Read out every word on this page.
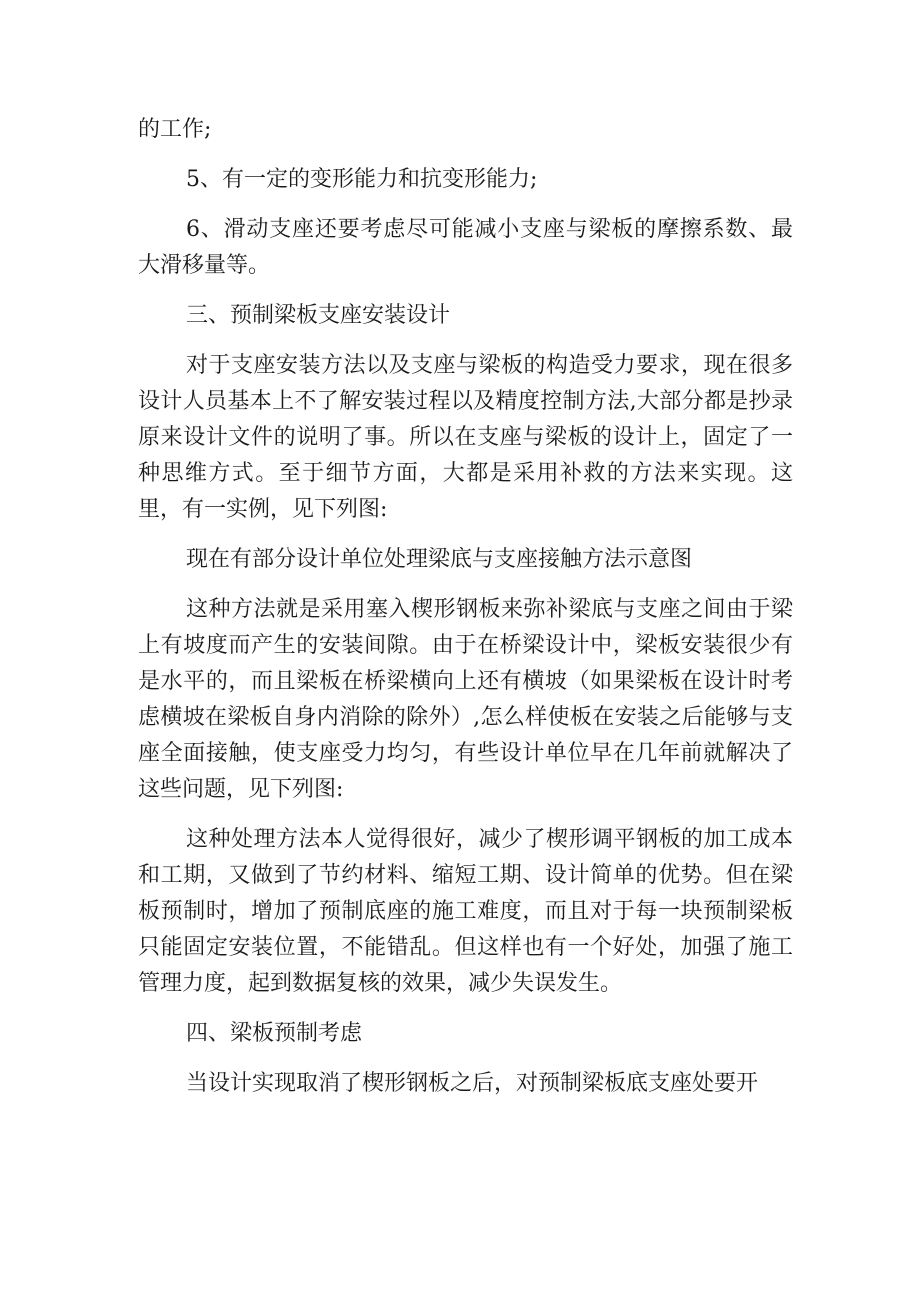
的工作;

5、有一定的变形能力和抗变形能力;

6、滑动支座还要考虑尽可能减小支座与梁板的摩擦系数、最大滑移量等。

三、预制梁板支座安装设计

对于支座安装方法以及支座与梁板的构造受力要求，现在很多设计人员基本上不了解安装过程以及精度控制方法,大部分都是抄录原来设计文件的说明了事。所以在支座与梁板的设计上，固定了一种思维方式。至于细节方面，大都是采用补救的方法来实现。这里，有一实例，见下列图:

现在有部分设计单位处理梁底与支座接触方法示意图

这种方法就是采用塞入楔形钢板来弥补梁底与支座之间由于梁上有坡度而产生的安装间隙。由于在桥梁设计中，梁板安装很少有是水平的，而且梁板在桥梁横向上还有横坡（如果梁板在设计时考虑横坡在梁板自身内消除的除外）,怎么样使板在安装之后能够与支座全面接触，使支座受力均匀，有些设计单位早在几年前就解决了这些问题，见下列图:

这种处理方法本人觉得很好，减少了楔形调平钢板的加工成本和工期，又做到了节约材料、缩短工期、设计简单的优势。但在梁板预制时，增加了预制底座的施工难度，而且对于每一块预制梁板只能固定安装位置，不能错乱。但这样也有一个好处，加强了施工管理力度，起到数据复核的效果，减少失误发生。

四、梁板预制考虑

当设计实现取消了楔形钢板之后，对预制梁板底支座处要开
